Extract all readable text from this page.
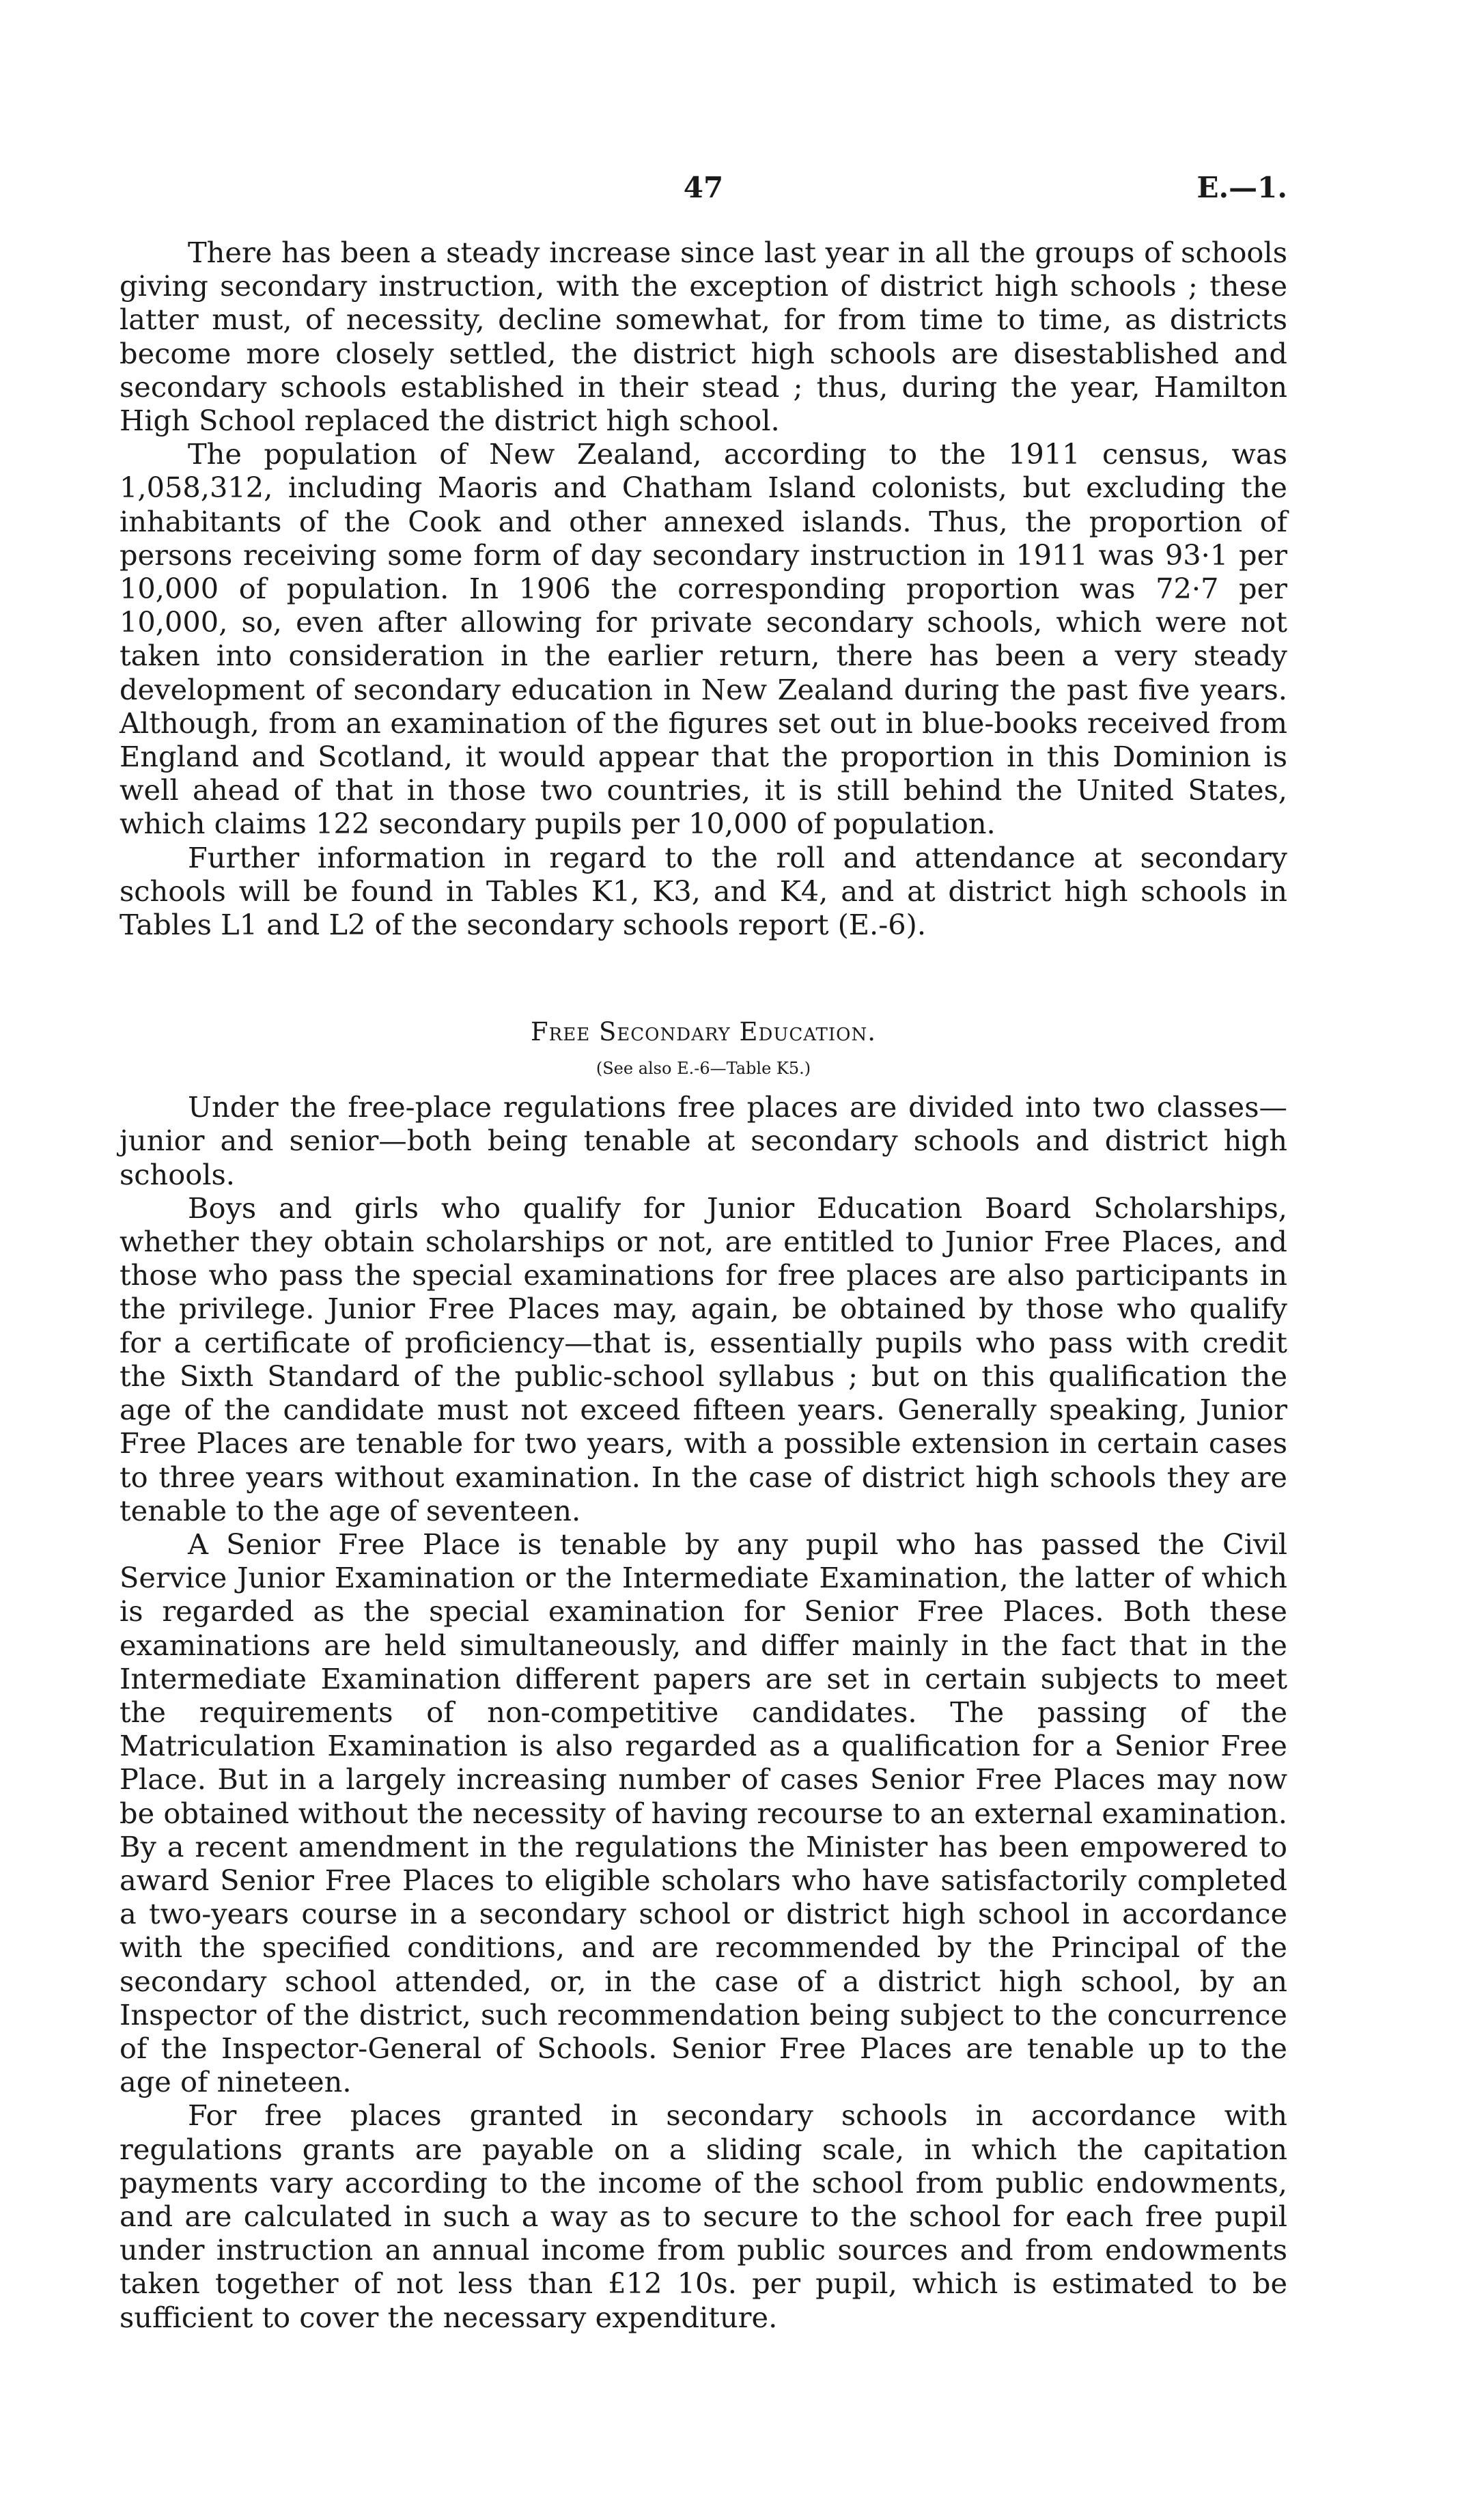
47	E.—1.

There has been a steady increase since last year in all the groups of schools giving secondary instruction, with the exception of district high schools ; these latter must, of necessity, decline somewhat, for from time to time, as districts become more closely settled, the district high schools are disestablished and secondary schools established in their stead ; thus, during the year, Hamilton High School replaced the district high school.

The population of New Zealand, according to the 1911 census, was 1,058,312, including Maoris and Chatham Island colonists, but excluding the inhabitants of the Cook and other annexed islands. Thus, the proportion of persons receiving some form of day secondary instruction in 1911 was 93·1 per 10,000 of population. In 1906 the corresponding proportion was 72·7 per 10,000, so, even after allowing for private secondary schools, which were not taken into consideration in the earlier return, there has been a very steady development of secondary education in New Zealand during the past five years. Although, from an examination of the figures set out in blue-books received from England and Scotland, it would appear that the proportion in this Dominion is well ahead of that in those two countries, it is still behind the United States, which claims 122 secondary pupils per 10,000 of population.

Further information in regard to the roll and attendance at secondary schools will be found in Tables K1, K3, and K4, and at district high schools in Tables L1 and L2 of the secondary schools report (E.-6).

Free Secondary Education.
(See also E.-6—Table K5.)

Under the free-place regulations free places are divided into two classes—junior and senior—both being tenable at secondary schools and district high schools.

Boys and girls who qualify for Junior Education Board Scholarships, whether they obtain scholarships or not, are entitled to Junior Free Places, and those who pass the special examinations for free places are also participants in the privilege. Junior Free Places may, again, be obtained by those who qualify for a certificate of proficiency—that is, essentially pupils who pass with credit the Sixth Standard of the public-school syllabus ; but on this qualification the age of the candidate must not exceed fifteen years. Generally speaking, Junior Free Places are tenable for two years, with a possible extension in certain cases to three years without examination. In the case of district high schools they are tenable to the age of seventeen.

A Senior Free Place is tenable by any pupil who has passed the Civil Service Junior Examination or the Intermediate Examination, the latter of which is regarded as the special examination for Senior Free Places. Both these examinations are held simultaneously, and differ mainly in the fact that in the Intermediate Examination different papers are set in certain subjects to meet the requirements of non-competitive candidates. The passing of the Matriculation Examination is also regarded as a qualification for a Senior Free Place. But in a largely increasing number of cases Senior Free Places may now be obtained without the necessity of having recourse to an external examination. By a recent amendment in the regulations the Minister has been empowered to award Senior Free Places to eligible scholars who have satisfactorily completed a two-years course in a secondary school or district high school in accordance with the specified conditions, and are recommended by the Principal of the secondary school attended, or, in the case of a district high school, by an Inspector of the district, such recommendation being subject to the concurrence of the Inspector-General of Schools. Senior Free Places are tenable up to the age of nineteen.

For free places granted in secondary schools in accordance with regulations grants are payable on a sliding scale, in which the capitation payments vary according to the income of the school from public endowments, and are calculated in such a way as to secure to the school for each free pupil under instruction an annual income from public sources and from endowments taken together of not less than £12 10s. per pupil, which is estimated to be sufficient to cover the necessary expenditure.
